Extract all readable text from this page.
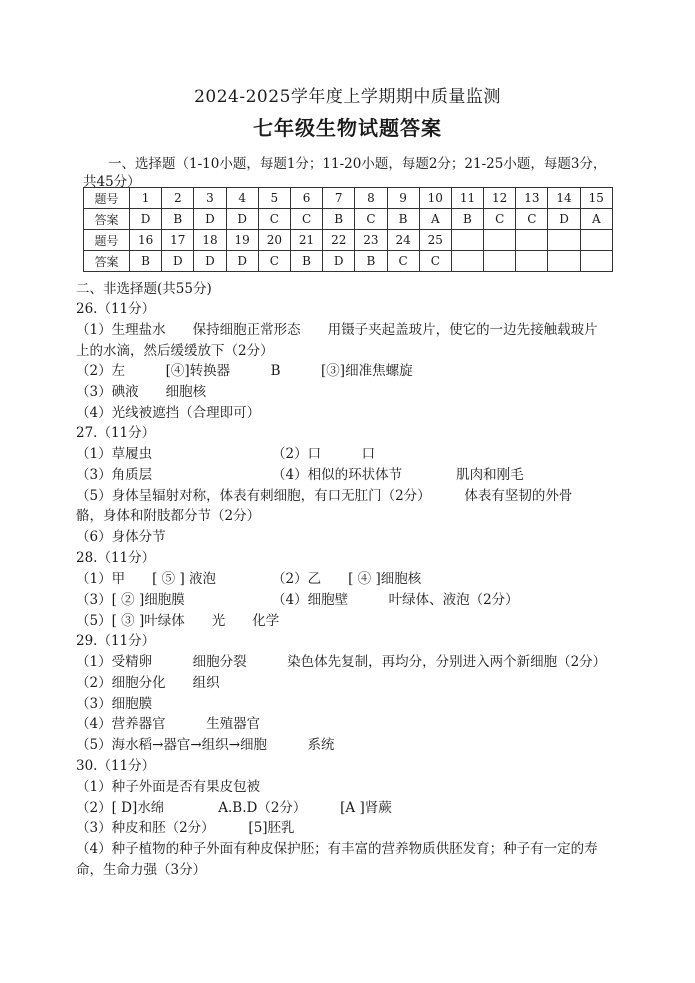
2024-2025学年度上学期期中质量监测
七年级生物试题答案
一、选择题（1-10小题，每题1分；11-20小题，每题2分；21-25小题，每题3分，
共45分）
题号	1	2	3	4	5	6	7	8	9	10	11	12	13	14	15
答案	D	B	D	D	C	C	B	C	B	A	B	C	C	D	A
题号	16	17	18	19	20	21	22	23	24	25					
答案	B	D	D	D	C	B	D	B	C	C					
二、非选择题(共55分)
26.（11分）
（1）生理盐水　　保持细胞正常形态　　用镊子夹起盖玻片，使它的一边先接触载玻片
上的水滴，然后缓缓放下（2分）
（2）左　　　[④]转换器　　　B　　　[③]细准焦螺旋
（3）碘液　　细胞核
（4）光线被遮挡（合理即可）
27.（11分）
（1）草履虫	（2）口　　　口
（3）角质层	（4）相似的环状体节　　　　肌肉和刚毛
（5）身体呈辐射对称，体表有刺细胞，有口无肛门（2分）　　　体表有坚韧的外骨
骼，身体和附肢都分节（2分）
（6）身体分节
28.（11分）
（1）甲　　[ ⑤ ] 液泡	（2）乙　　[ ④ ]细胞核
（3）[ ② ]细胞膜	（4）细胞壁　　　叶绿体、液泡（2分）
（5）[ ③ ]叶绿体　　光　　化学
29.（11分）
（1）受精卵　　　细胞分裂　　　染色体先复制，再均分，分别进入两个新细胞（2分）
（2）细胞分化　　组织
（3）细胞膜
（4）营养器官　　　生殖器官
（5）海水稻→器官→组织→细胞　　　系统
30.（11分）
（1）种子外面是否有果皮包被
（2）[ D]水绵　　　　A.B.D（2分）　　　[A ]肾蕨
（3）种皮和胚（2分）　　　[5]胚乳
（4）种子植物的种子外面有种皮保护胚；有丰富的营养物质供胚发育；种子有一定的寿
命，生命力强（3分）
